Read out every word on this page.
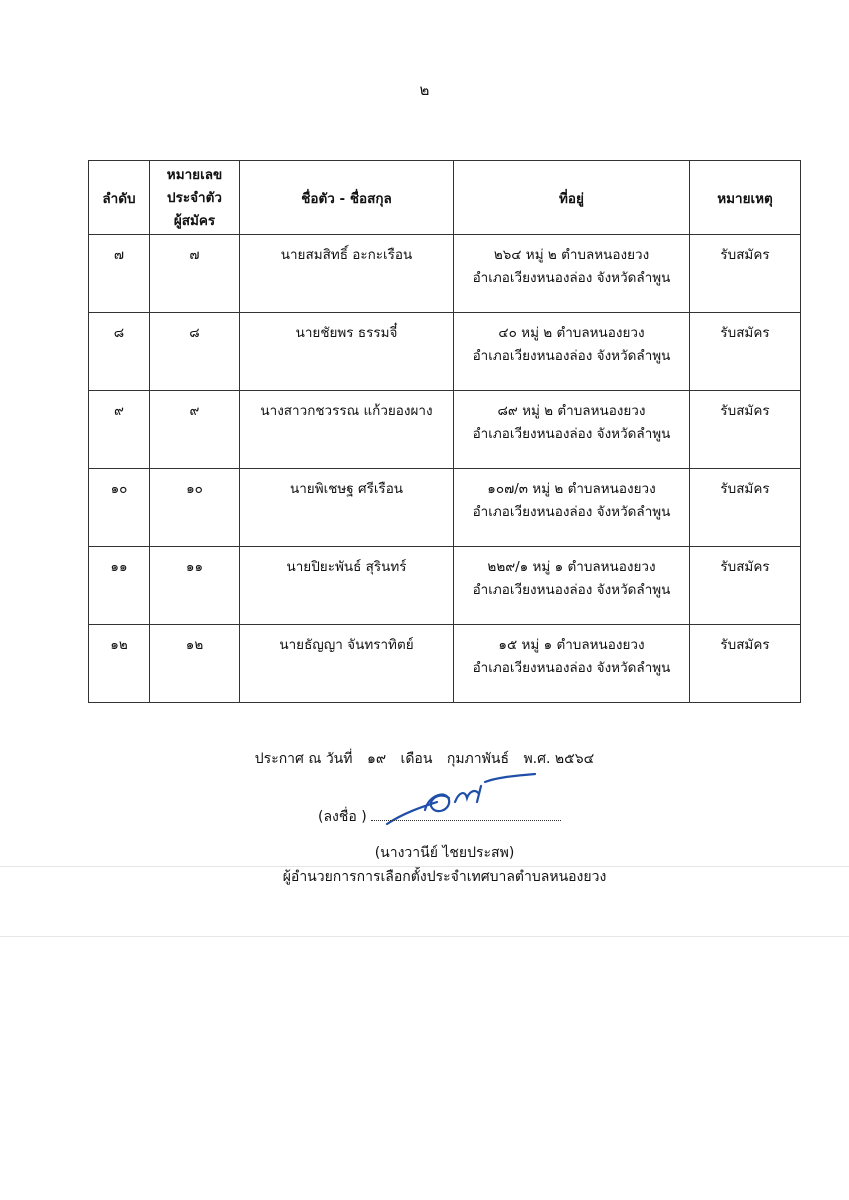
๒
ลำดับ	หมายเลข
ประจำตัว
ผู้สมัคร	ชื่อตัว - ชื่อสกุล	ที่อยู่	หมายเหตุ

๗	๗	นายสมสิทธิ์ อะกะเรือน	๒๖๔ หมู่ ๒ ตำบลหนองยวง
อำเภอเวียงหนองล่อง จังหวัดลำพูน	รับสมัคร

๘	๘	นายชัยพร ธรรมจี๋	๔๐ หมู่ ๒ ตำบลหนองยวง
อำเภอเวียงหนองล่อง จังหวัดลำพูน	รับสมัคร

๙	๙	นางสาวกชวรรณ แก้วยองผาง	๘๙ หมู่ ๒ ตำบลหนองยวง
อำเภอเวียงหนองล่อง จังหวัดลำพูน	รับสมัคร

๑๐	๑๐	นายพิเชษฐ ศรีเรือน	๑๐๗/๓ หมู่ ๒ ตำบลหนองยวง
อำเภอเวียงหนองล่อง จังหวัดลำพูน	รับสมัคร

๑๑	๑๑	นายปิยะพันธ์ สุรินทร์	๒๒๙/๑ หมู่ ๑ ตำบลหนองยวง
อำเภอเวียงหนองล่อง จังหวัดลำพูน	รับสมัคร

๑๒	๑๒	นายธัญญา จันทราทิตย์	๑๕ หมู่ ๑ ตำบลหนองยวง
อำเภอเวียงหนองล่อง จังหวัดลำพูน	รับสมัคร
ประกาศ ณ วันที่ ๑๙ เดือน กุมภาพันธ์ พ.ศ. ๒๕๖๔
(ลงชื่อ )
(นางวานีย์ ไชยประสพ)
ผู้อำนวยการการเลือกตั้งประจำเทศบาลตำบลหนองยวง
